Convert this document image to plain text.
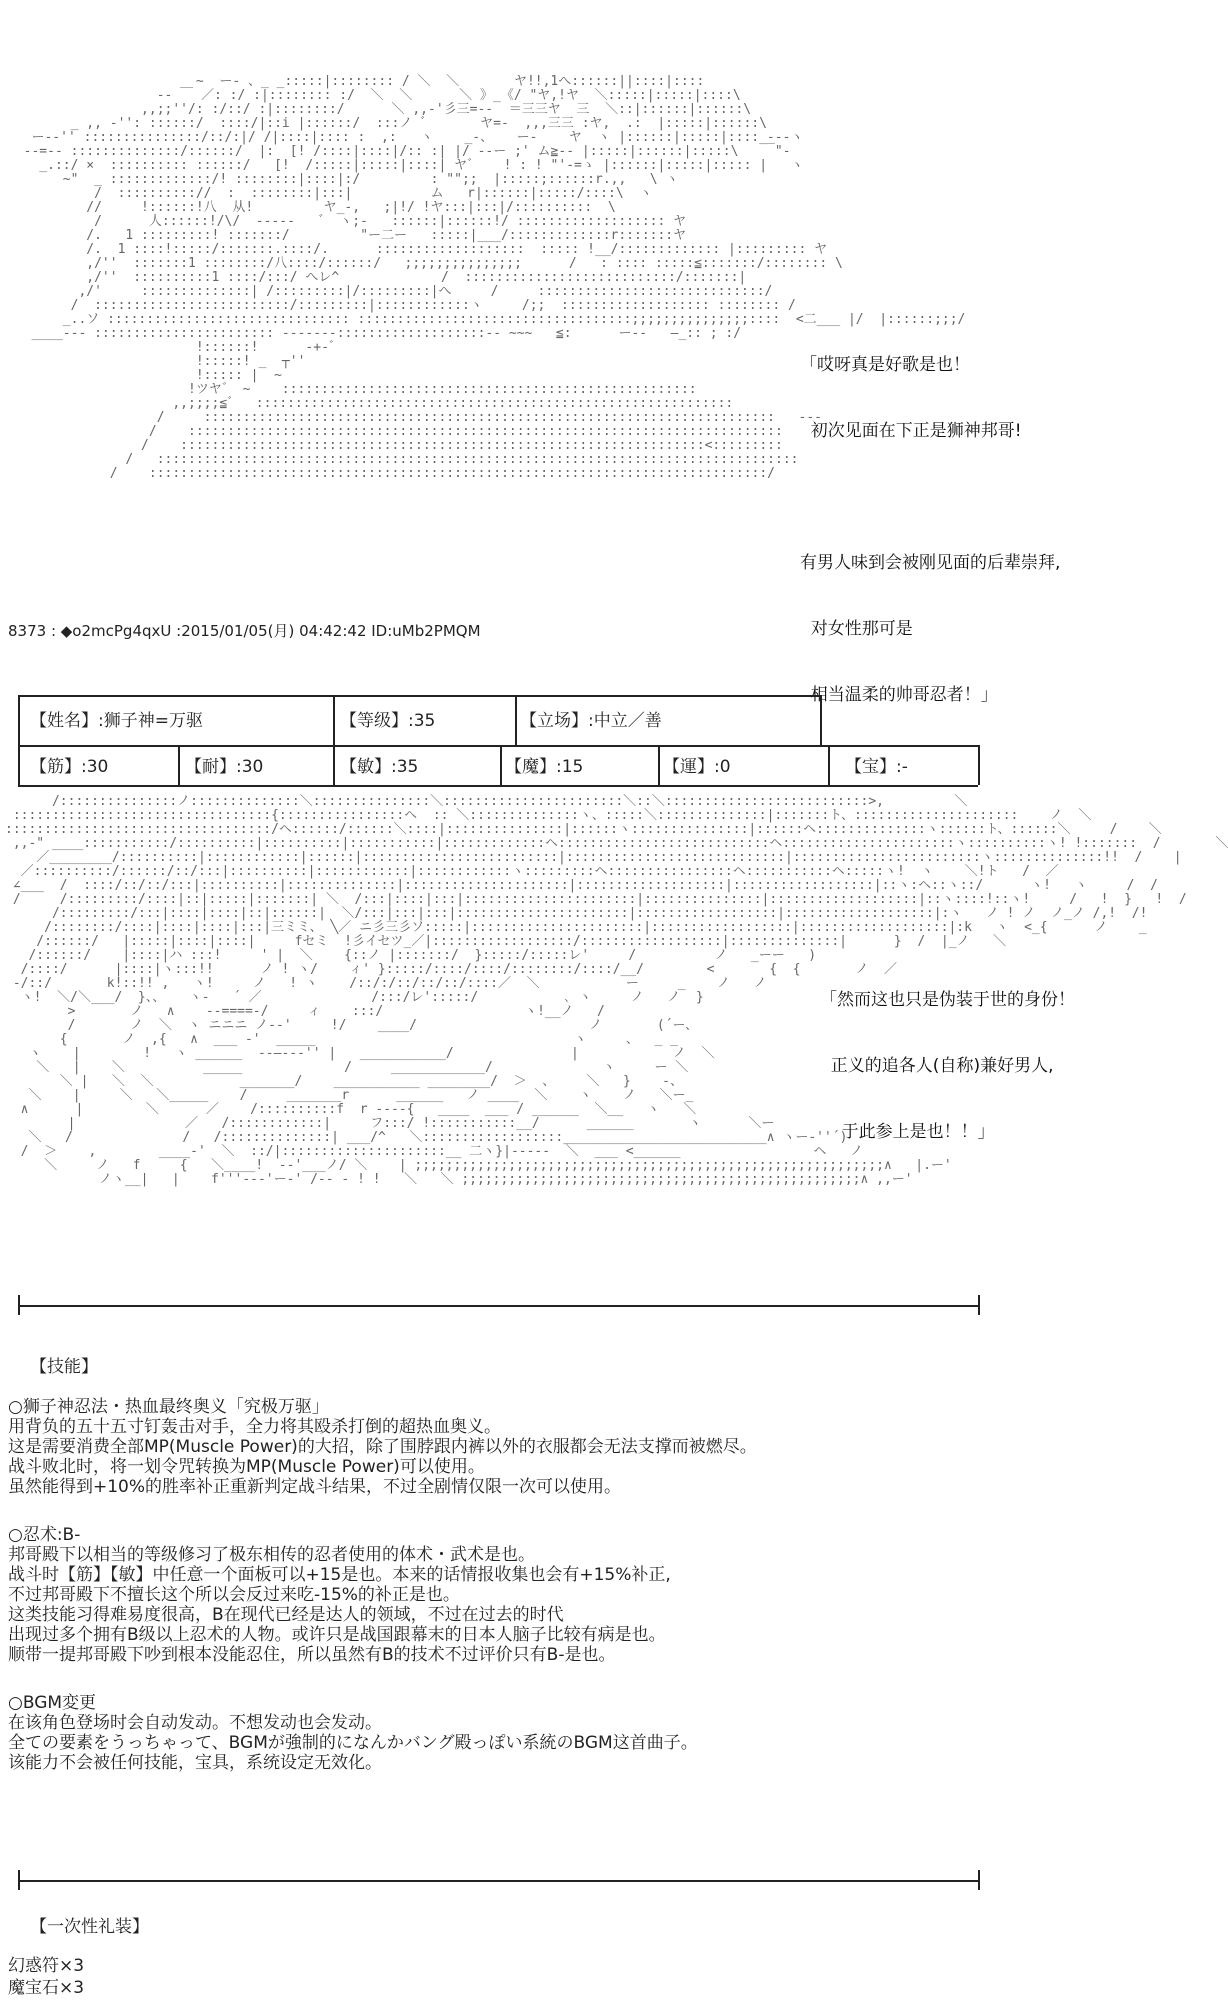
~  ー- 、_ _:::::|:::::::: / ＼  ＼       ヤ!!,1へ::::::||::::|::::
-‐ ￣ ／: :/ :|:::::::: :/  ＼  ＼      ＼ 》_《/ "ヤ,!ヤ  ＼:::::|:::::|::::\
,,;;''/: :/::/ :|::::::::/      ＼ ,,-'彡三=--  ＝三三ヤ  三  ＼::|::::::|::::::\
_ ,, ‐'': ::::::/  ::::/|::i |::::::/  :::ノ ゛      ヤ=‐  ,,,三三 :ヤ,  .:  |:::::|::::::\
ー-‐'' :::::::::::::::/::/:|/ /|::::|:::: :  ,:   ヽ    _-、   ー-    ヤ  ヽ |::::::|:::::|::::_--‐ヽ
‐-=-- ::::::::::::::/::::::/  |:  [! /::::|::::|/:: :| |/ ‐-ー ;' ム≧-- |:::::|::::::|:::::\   ￣"-
_.::/ ×  :::::::::: ::::::/   [!  /:::::|:::::|::::| ヤ゛   ! : ! "'-=ゝ |::::::|:::::|::::: |   ヽ
~"  _ :::::::::::::/! ::::::::|::::|:/         : "";;  |:::::;::::::r.,,   \ ヽ
/  :::::::::://  :  ::::::::|:::|          ム   r|::::::|:::::/::::\  ヽ
//     !::::::!八  从!         ヤ_-,   ;|!/ !ヤ:::|:::|/::::::::::  \
/      人::::::!/\/  ‐‐‐‐‐   ゛ ヽ;-   ::::::|::::::!/ ::::::::::::::::::: ヤ
/.   1 :::::::::! :::::::/         "ー二ー   :::::|___/:::::::::::::r:::::::ヤ
/.  1 ::::!:::::/:::::::.::::/.      :::::::::::::::::::  ::::: !__/::::::::::::: |::::::::: ヤ
,/''  :::::::1 ::::::::/八::::/::::::/   ;;;;;;;;;;;;;;;      /   : :::: :::::≦:::::::/:::::::: \
,/''  ::::::::::1 ::::/:::/ へレ^             /  :::::::::::::::::::::::::::/:::::::|
,/'     ::::::::::::::| /:::::::::|/:::::::::|へ     /     :::::::::::::::::::::::::::::/
/  :::::::::::::::::::::::::/:::::::::|::::::::::::ヽ     /;;  ::::::::::::::::::: :::::::: /
_..ソ ::::::::::::::::::::::::::::::: :::::::::::::::::::::::::::::::::::;;;;;;;;;;;;;;;::::  <二___ |/  |::::::;;;/
____--- ::::::::::::::::::::::: -------:::::::::::::::::::-‐ ~~~   ≦:      ー--   ―_:: ; :/
!::::::!      -+-゛
!:::::! _  ┬''
!::::: |  ~
!ツヤ゛ ~    :::::::::::::::::::::::::::::::::::::::::::::::::::::
,,;;;;≦゛  :::::::::::::::::::::::::::::::::::::::::::::::::::::::::::::
/     :::::::::::::::::::::::::::::::::::::::::::::::::::::::::::::::::::::::::   ‐‐‐
/    ::::::::::::::::::::::::::::::::::::::::::::::::::::::::::::::::::::::::::::
/    :::::::::::::::::::::::::::::::::::::::::::::::::::::::::::::::::::<:::::::::
/   ::::::::::::::::::::::::::::::::::::::::::::::::::::::::::::::::::::::::::::::::::
/    :::::::::::::::::::::::::::::::::::::::::::::::::::::::::::::::::::::::::::::::/

「哎呀真是好歌是也！

初次见面在下正是狮神邦哥!

有男人味到会被刚见面的后辈崇拜,

对女性那可是

相当温柔的帅哥忍者！」

8373 : ◆o2mcPg4qxU :2015/01/05(月) 04:42:42 ID:uMb2PMQM
【姓名】:狮子神=万驱	【等级】:35	【立场】:中立／善
【筋】:30	【耐】:30	【敏】:35	【魔】:15	【運】:0	【宝】:-
/:::::::::::::::ノ::::::::::::::＼:::::::::::::::＼:::::::::::::::::::::::＼::＼::::::::::::::::::::::::::>,         ＼
:::::::::::::::::::::::::::::::::{::::::::::::::::ヘ  :: ＼::::::::::::::ヽ、:::::＼::::::::::::::|:::::::ト、:::::::::::::::::::::    ノ  ＼
::::::::::::::::::::::::::::::::::/ヘ::::::/::::::＼::::|:::::::::::::::|::::::ヽ:::::::::::::::|::::::ヘ::::::::::::::ヽ::::::ト、::::::＼     /    ＼
,,‐" ____:::::::::::/::::::::::|::::::::::|:::::::::::|:::::::::::::ヘ:::::::::::::::::::::::::::ヘ::::::::::::::::::::::ヽ::::::::::ヽ! !:::::::  /       ＼
／________/::::::::::|::::::::::::|::::::|:::::::::::::::::::::::::|::::::::::::::::::::::::::::|::::::::::::::::::::::::ヽ::::::::::::::!!  /    |
／::::::::::/::::::/::/:::|::::::::::|::::::::::::|::::::::::::ヽ:::::::::ヘ::::::::::::::::ヘ:::::::::::ヘ:::::ヽ!  ヽ    ＼!ト   /  ／
∠___  /  ::::/::/::/:::|::::::::::|::::::::::::::|:::::::::::::::::::::|:::::::::::::::::::|::::::::::::::::::|::ヽ:ヘ::ヽ::/      ヽ!   ヽ     /  /
/     /:::::::::/::::|::|:::::|:::::::| ＼  /:::|::::|:::|::::::::::::::::::::::|:::::::::::::::|:::::::::::::::::::|::ヽ::::!::ヽ!     /   !  }   !  /
/:::::::::/:::|::::|::::|::|::::::|  ＼/:::|:::|:::|::::::::::::::::::::::|::::::::::::::::::|:::::::::::::::::::|:ヽ   ノ ! ノ  ノ_ノ /,!  /!
/::::::::/::::|::::|::::|:::|三ミミ、 ╲／ ニ彡三彡ソ:::::|::::::::::::::::::::::|::::::::::::::::::|:::::::::::::::::::|:k   ヽ  <_{      ノ    _
/::::::/   |:::::|::::|::::|     fセミ  !彡イセツ_／|::::::::::::::::::/::::::::::::::::::|::::::::::::::|      }  /  |_ノ   ＼
/::::::/    |::::|ハ :::!     ' |  ＼    {::ノ |:::::::/  }:::::/:::::レ'     /          ノ   _ーー   )
/::::/      |::::|ヽ:::!!      ノ ! ヽ/    ィ' }:::::/::::/::::/::::::::/::::/__/        <       {  {       ノ  ／
-/::/       k!::!! ,   ヽ!     ノ   ! ヽ    /::/:/::/::/::/::::／  ＼           ー     _    ノ   ノ
ヽ!  ＼/＼___/  }、、   ヽ-   ´ ／              /:::/レ':::::/           ､ ヽ     ノ   ノ  }
>       ノ   ∧    ‐-====‐/     ィ    :::/                  ヽ!__ノ   /
/       ノ  ＼  ヽ ニニニ ノ‐-'     !/    ____/                      ノ       (´ー、
{       ノ  ,{   ∧  ___ ‐'  _____                                 ヽ     、  _ _
ヽ    |        !   ヽ ______  ‐‐―‐‐‐'' |   ___________/               |            ノ  ＼
＼   |    ＼          _____             /     ____________/              ヽ     ー ＼
＼ |   ＼  ＼           _______/    ___________ ________/  ＞  、    ＼   }    -、
＼    |     ＼   ＼_____    /     _______r      ______   ノ ____  ＼    ヽ    ノ   ＼ー_
∧      |        ＼      ／    /::::::::::f  r ‐‐‐‐{   ____  ___ / ______  ＼__   ヽ   ＼
|              ／   /::::::::::::|     フ:::/ !:::::::::::__/      ______       ヽ      ＼ー
＼   /              /   /::::::::::::::| ___/^   ＼::::::::::::::::::__________________________∧ ヽー‐''´)
/  ＞    ,        ____-'  ＼  ::/|:::::::::::::::::::::__ 二ヽ}|-----  ＼  ___ <______                 ヘ   ノ
＼     ノ   f     {   ＼____!  ‐-'___ノ/ ＼    | ;;;;;;;;;;;;;;;;;;;;;;;;;;;;;;;;;;;;;;;;;;;;;;;;;;;;;;;;;;;;∧   |.ー'
ノヽ__|   |    f'''‐‐‐'ー‐' /‐‐ ‐ ! !   ＼   ＼ ;;;;;;;;;;;;;;;;;;;;;;;;;;;;;;;;;;;;;;;;;;;;;;;;;;;∧ ,,ー'

「然而这也只是伪装于世的身份！

正义的追各人(自称)兼好男人,

于此参上是也！！」

【技能】
○狮子神忍法・热血最终奥义「究极万驱」
用背负的五十五寸钉轰击对手，全力将其殴杀打倒的超热血奥义。
这是需要消费全部MP(Muscle Power)的大招，除了围脖跟内裤以外的衣服都会无法支撑而被燃尽。
战斗败北时，将一划令咒转换为MP(Muscle Power)可以使用。
虽然能得到+10%的胜率补正重新判定战斗结果，不过全剧情仅限一次可以使用。
○忍术:B-
邦哥殿下以相当的等级修习了极东相传的忍者使用的体术・武术是也。
战斗时【筋】【敏】中任意一个面板可以+15是也。本来的话情报收集也会有+15%补正,
不过邦哥殿下不擅长这个所以会反过来吃-15%的补正是也。
这类技能习得难易度很高，B在现代已经是达人的领域，不过在过去的时代
出现过多个拥有B级以上忍术的人物。或许只是战国跟幕末的日本人脑子比较有病是也。
顺带一提邦哥殿下吵到根本没能忍住，所以虽然有B的技术不过评价只有B-是也。
○BGM変更
在该角色登场时会自动发动。不想发动也会发动。
全ての要素をうっちゃって、BGMが強制的になんかバング殿っぽい系統のBGM这首曲子。
该能力不会被任何技能，宝具，系统设定无效化。
【一次性礼装】
幻惑符×3
魔宝石×3
